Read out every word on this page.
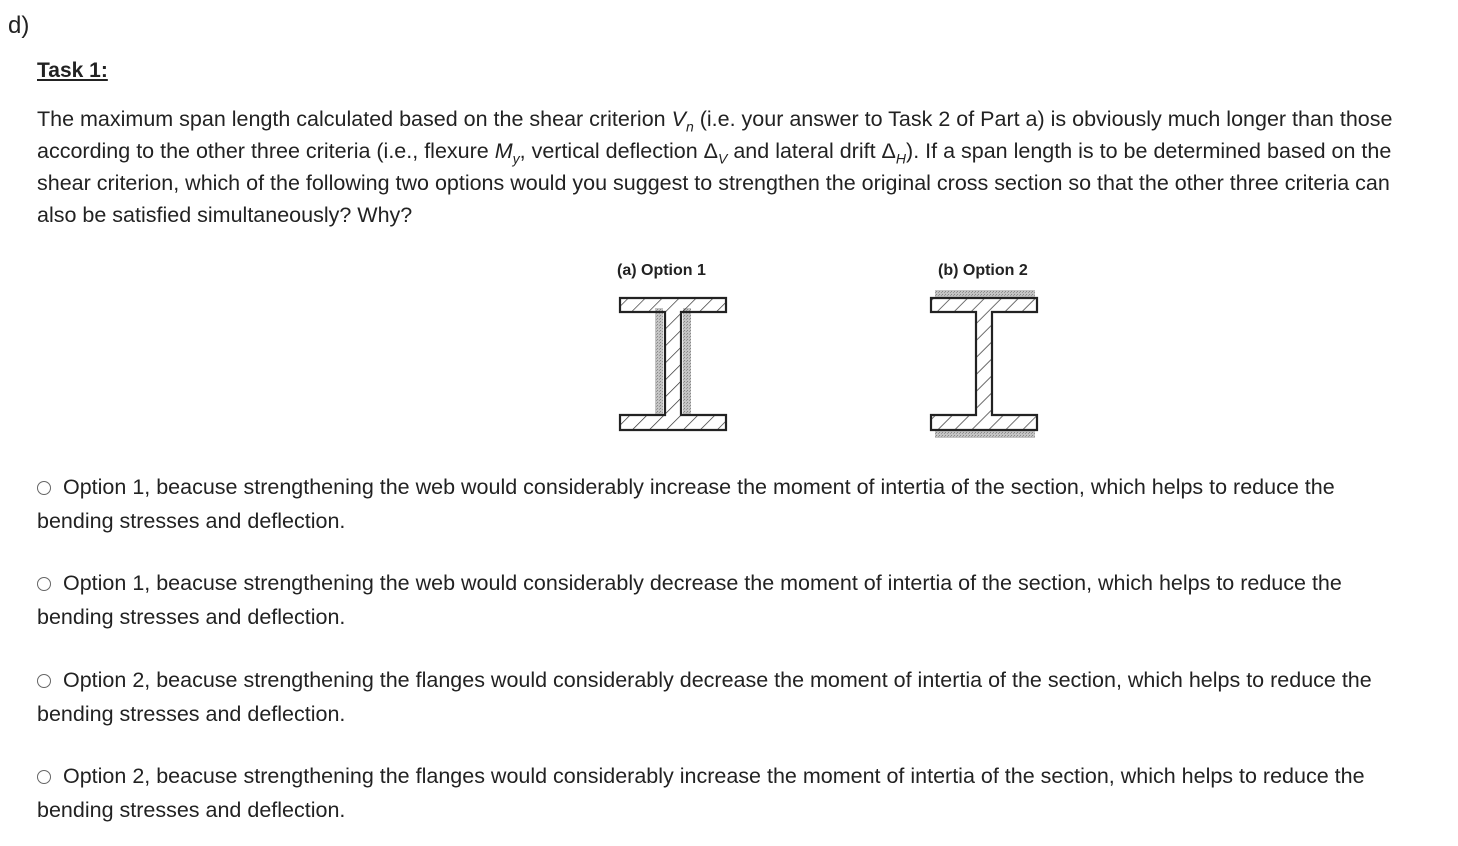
d)
Task 1:

The maximum span length calculated based on the shear criterion $V_n$ (i.e. your answer to Task 2 of Part a) is obviously much longer than those according to the other three criteria (i.e., flexure $M_y$, vertical deflection $\Delta_V$ and lateral drift $\Delta_H$). If a span length is to be determined based on the shear criterion, which of the following two options would you suggest to strengthen the original cross section so that the other three criteria can also be satisfied simultaneously? Why?

(a) Option 1	(b) Option 2
Option 1, beacuse strengthening the web would considerably increase the moment of intertia of the section, which helps to reduce the bending stresses and deflection.
Option 1, beacuse strengthening the web would considerably decrease the moment of intertia of the section, which helps to reduce the bending stresses and deflection.
Option 2, beacuse strengthening the flanges would considerably decrease the moment of intertia of the section, which helps to reduce the bending stresses and deflection.
Option 2, beacuse strengthening the flanges would considerably increase the moment of intertia of the section, which helps to reduce the bending stresses and deflection.
